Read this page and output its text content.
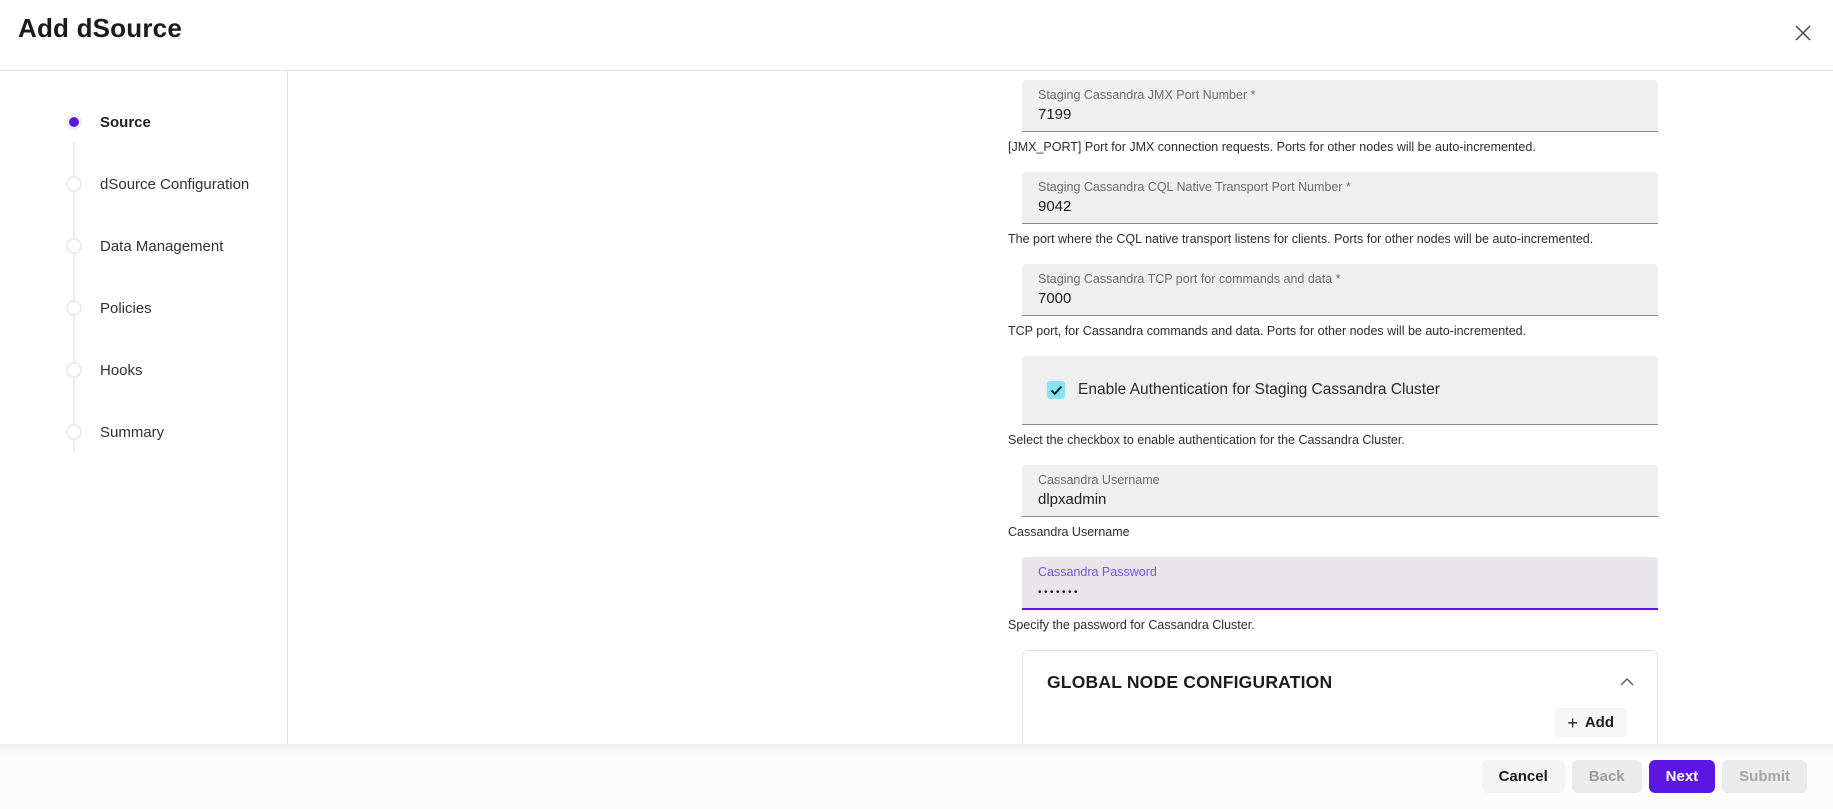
Add dSource
Source
dSource Configuration
Data Management
Policies
Hooks
Summary
Staging Cassandra JMX Port Number *
7199
[JMX_PORT] Port for JMX connection requests. Ports for other nodes will be auto-incremented.
Staging Cassandra CQL Native Transport Port Number *
9042
The port where the CQL native transport listens for clients. Ports for other nodes will be auto-incremented.
Staging Cassandra TCP port for commands and data *
7000
TCP port, for Cassandra commands and data. Ports for other nodes will be auto-incremented.
Enable Authentication for Staging Cassandra Cluster
Select the checkbox to enable authentication for the Cassandra Cluster.
Cassandra Username
dlpxadmin
Cassandra Username
Cassandra Password
•••••••
Specify the password for Cassandra Cluster.
GLOBAL NODE CONFIGURATION
+ Add
Cancel	Back	Next	Submit
